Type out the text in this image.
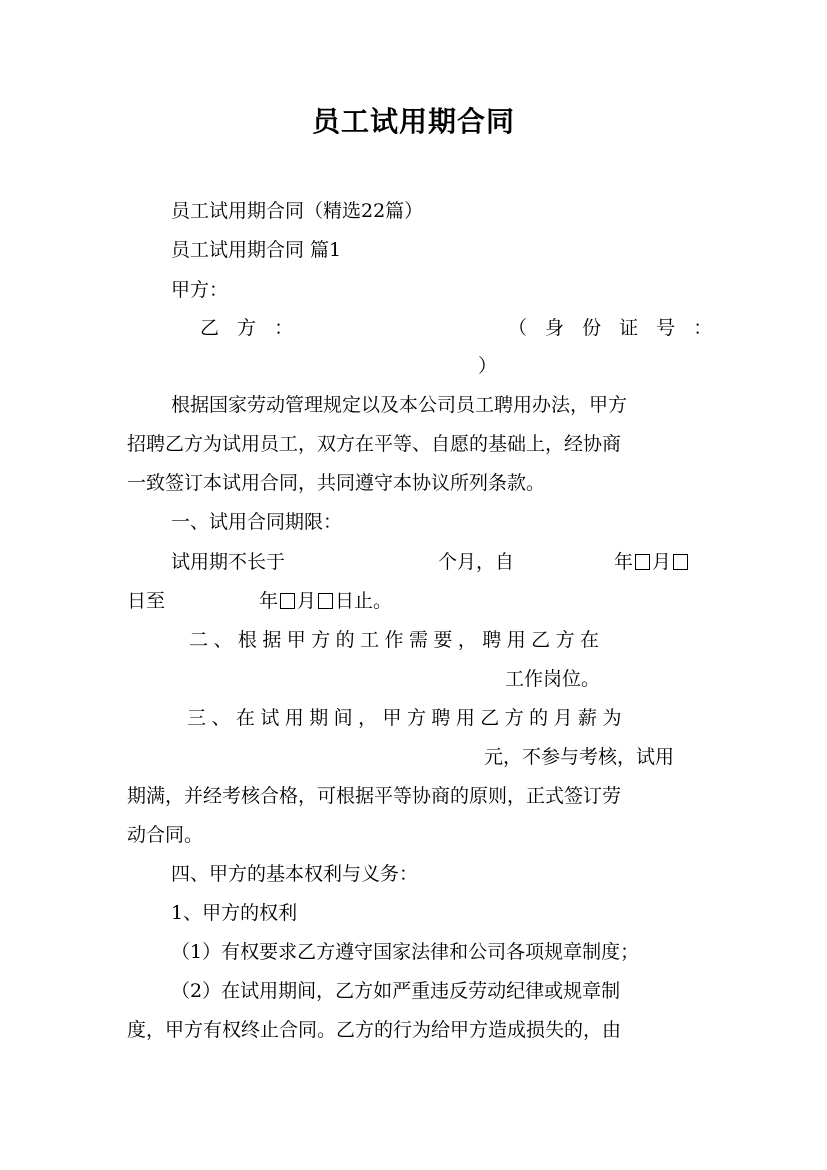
员工试用期合同
员工试用期合同（精选22篇）
员工试用期合同 篇1
甲方：
乙 方 ：	（ 身 份 证 号 ：
）
根据国家劳动管理规定以及本公司员工聘用办法，甲方
招聘乙方为试用员工，双方在平等、自愿的基础上，经协商
一致签订本试用合同，共同遵守本协议所列条款。
一、试用合同期限：
试用期不长于	个月，自	年 月
日至	年 月 日止。
二 、 根 据 甲 方 的 工 作 需 要 ， 聘 用 乙 方 在
工作岗位。
三 、 在 试 用 期 间 ， 甲 方 聘 用 乙 方 的 月 薪 为
元，不参与考核，试用
期满，并经考核合格，可根据平等协商的原则，正式签订劳
动合同。
四、甲方的基本权利与义务：
1、甲方的权利
（1）有权要求乙方遵守国家法律和公司各项规章制度；
（2）在试用期间，乙方如严重违反劳动纪律或规章制
度，甲方有权终止合同。乙方的行为给甲方造成损失的，由
